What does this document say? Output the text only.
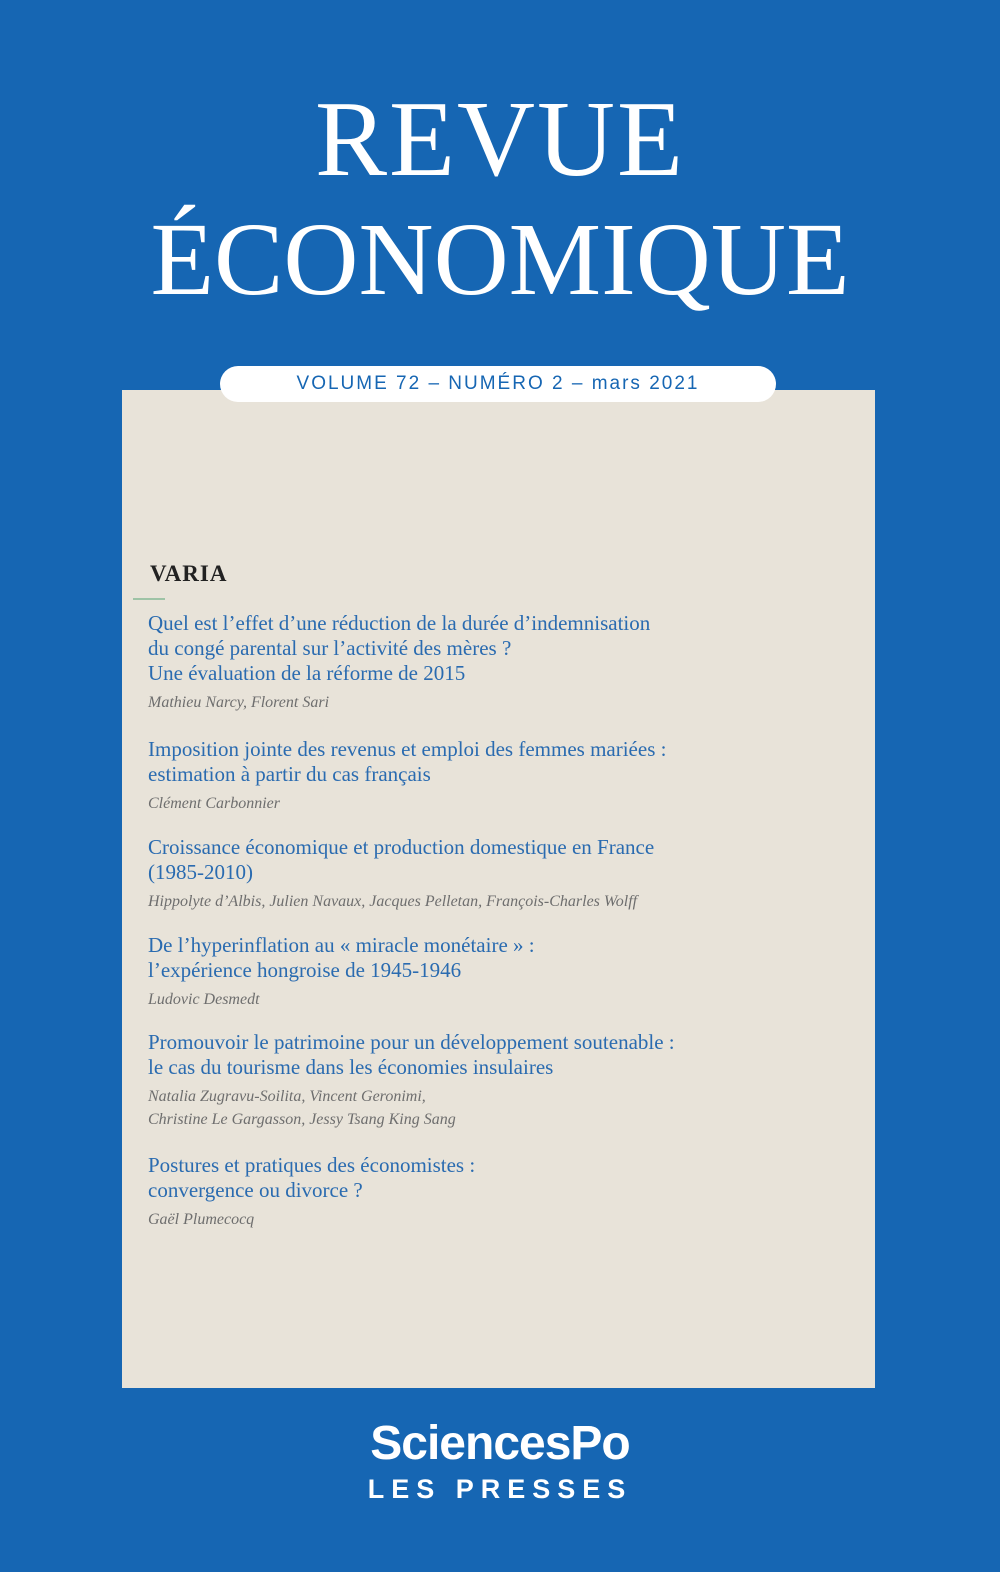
REVUE
ÉCONOMIQUE
VOLUME 72 – NUMÉRO 2 – mars 2021
VARIA
Quel est l’effet d’une réduction de la durée d’indemnisation
du congé parental sur l’activité des mères ?
Une évaluation de la réforme de 2015
Mathieu Narcy, Florent Sari
Imposition jointe des revenus et emploi des femmes mariées :
estimation à partir du cas français
Clément Carbonnier
Croissance économique et production domestique en France
(1985-2010)
Hippolyte d’Albis, Julien Navaux, Jacques Pelletan, François-Charles Wolff
De l’hyperinflation au « miracle monétaire » :
l’expérience hongroise de 1945-1946
Ludovic Desmedt
Promouvoir le patrimoine pour un développement soutenable :
le cas du tourisme dans les économies insulaires
Natalia Zugravu-Soilita, Vincent Geronimi,
Christine Le Gargasson, Jessy Tsang King Sang
Postures et pratiques des économistes :
convergence ou divorce ?
Gaël Plumecocq
SciencesPo
LES PRESSES
